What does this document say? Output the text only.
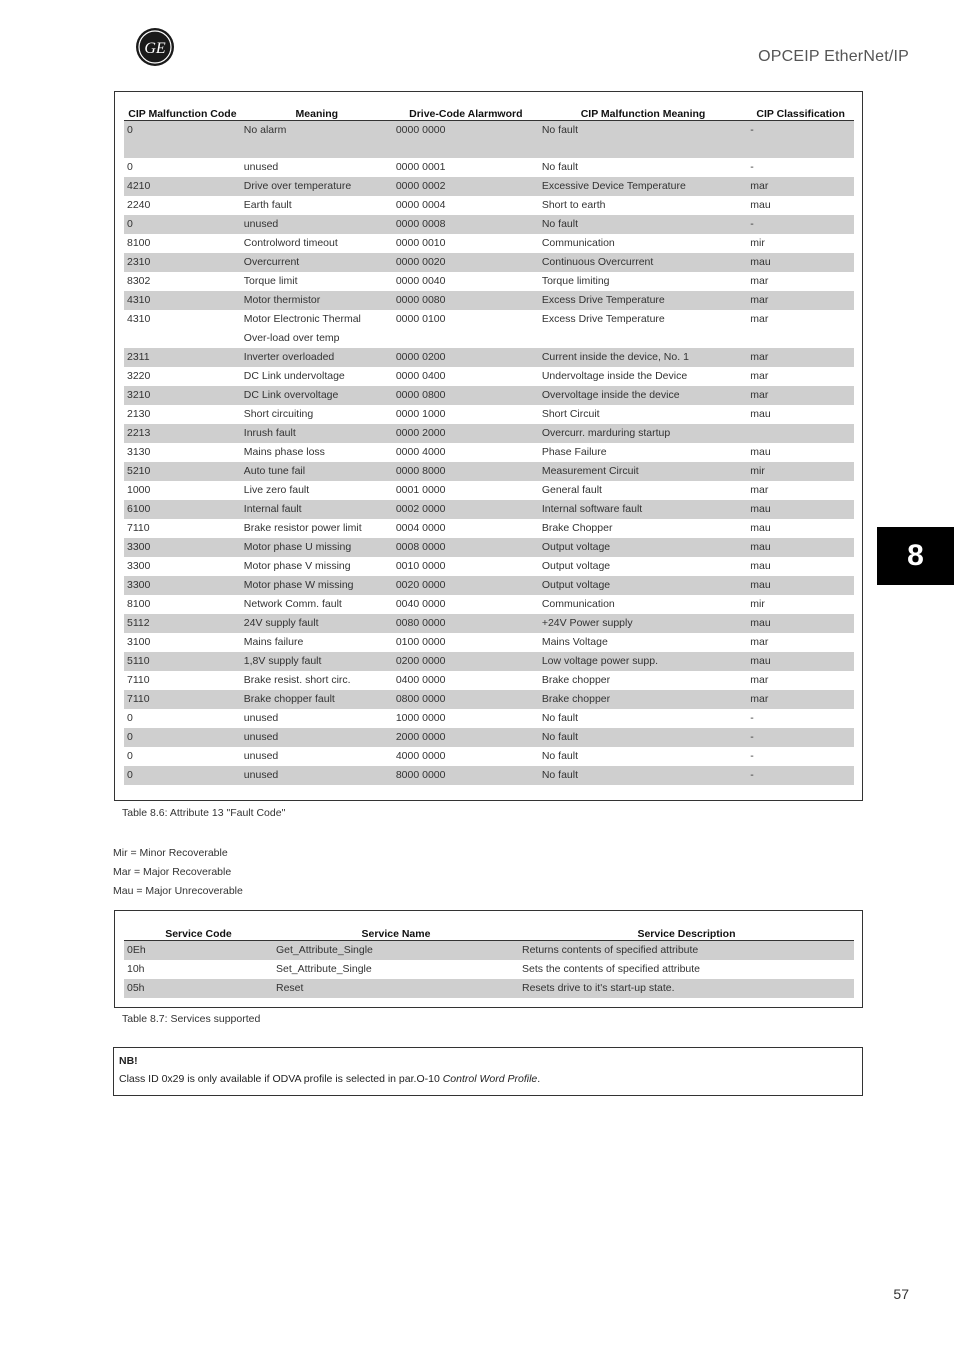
GE	OPCEIP EtherNet/IP
CIP Malfunction Code	Meaning	Drive-Code Alarmword	CIP Malfunction Meaning	CIP Classification
0	No alarm	0000 0000	No fault	-
0	unused	0000 0001	No fault	-
4210	Drive over temperature	0000 0002	Excessive Device Temperature	mar
2240	Earth fault	0000 0004	Short to earth	mau
0	unused	0000 0008	No fault	-
8100	Controlword timeout	0000 0010	Communication	mir
2310	Overcurrent	0000 0020	Continuous Overcurrent	mau
8302	Torque limit	0000 0040	Torque limiting	mar
4310	Motor thermistor	0000 0080	Excess Drive Temperature	mar
4310	Motor Electronic Thermal Over-load over temp	0000 0100	Excess Drive Temperature	mar
2311	Inverter overloaded	0000 0200	Current inside the device, No. 1	mar
3220	DC Link undervoltage	0000 0400	Undervoltage inside the Device	mar
3210	DC Link overvoltage	0000 0800	Overvoltage inside the device	mar
2130	Short circuiting	0000 1000	Short Circuit	mau
2213	Inrush fault	0000 2000	Overcurr. marduring startup	
3130	Mains phase loss	0000 4000	Phase Failure	mau
5210	Auto tune fail	0000 8000	Measurement Circuit	mir
1000	Live zero fault	0001 0000	General fault	mar
6100	Internal fault	0002 0000	Internal software fault	mau
7110	Brake resistor power limit	0004 0000	Brake Chopper	mau
3300	Motor phase U missing	0008 0000	Output voltage	mau
3300	Motor phase V missing	0010 0000	Output voltage	mau
3300	Motor phase W missing	0020 0000	Output voltage	mau
8100	Network Comm. fault	0040 0000	Communication	mir
5112	24V supply fault	0080 0000	+24V Power supply	mau
3100	Mains failure	0100 0000	Mains Voltage	mar
5110	1,8V supply fault	0200 0000	Low voltage power supp.	mau
7110	Brake resist. short circ.	0400 0000	Brake chopper	mar
7110	Brake chopper fault	0800 0000	Brake chopper	mar
0	unused	1000 0000	No fault	-
0	unused	2000 0000	No fault	-
0	unused	4000 0000	No fault	-
0	unused	8000 0000	No fault	-
Table 8.6: Attribute 13 "Fault Code"
Mir = Minor Recoverable
Mar = Major Recoverable
Mau = Major Unrecoverable
Service Code	Service Name	Service Description
0Eh	Get_Attribute_Single	Returns contents of specified attribute
10h	Set_Attribute_Single	Sets the contents of specified attribute
05h	Reset	Resets drive to it's start-up state.
Table 8.7: Services supported
NB!
Class ID 0x29 is only available if ODVA profile is selected in par.O-10 Control Word Profile.
8
57
